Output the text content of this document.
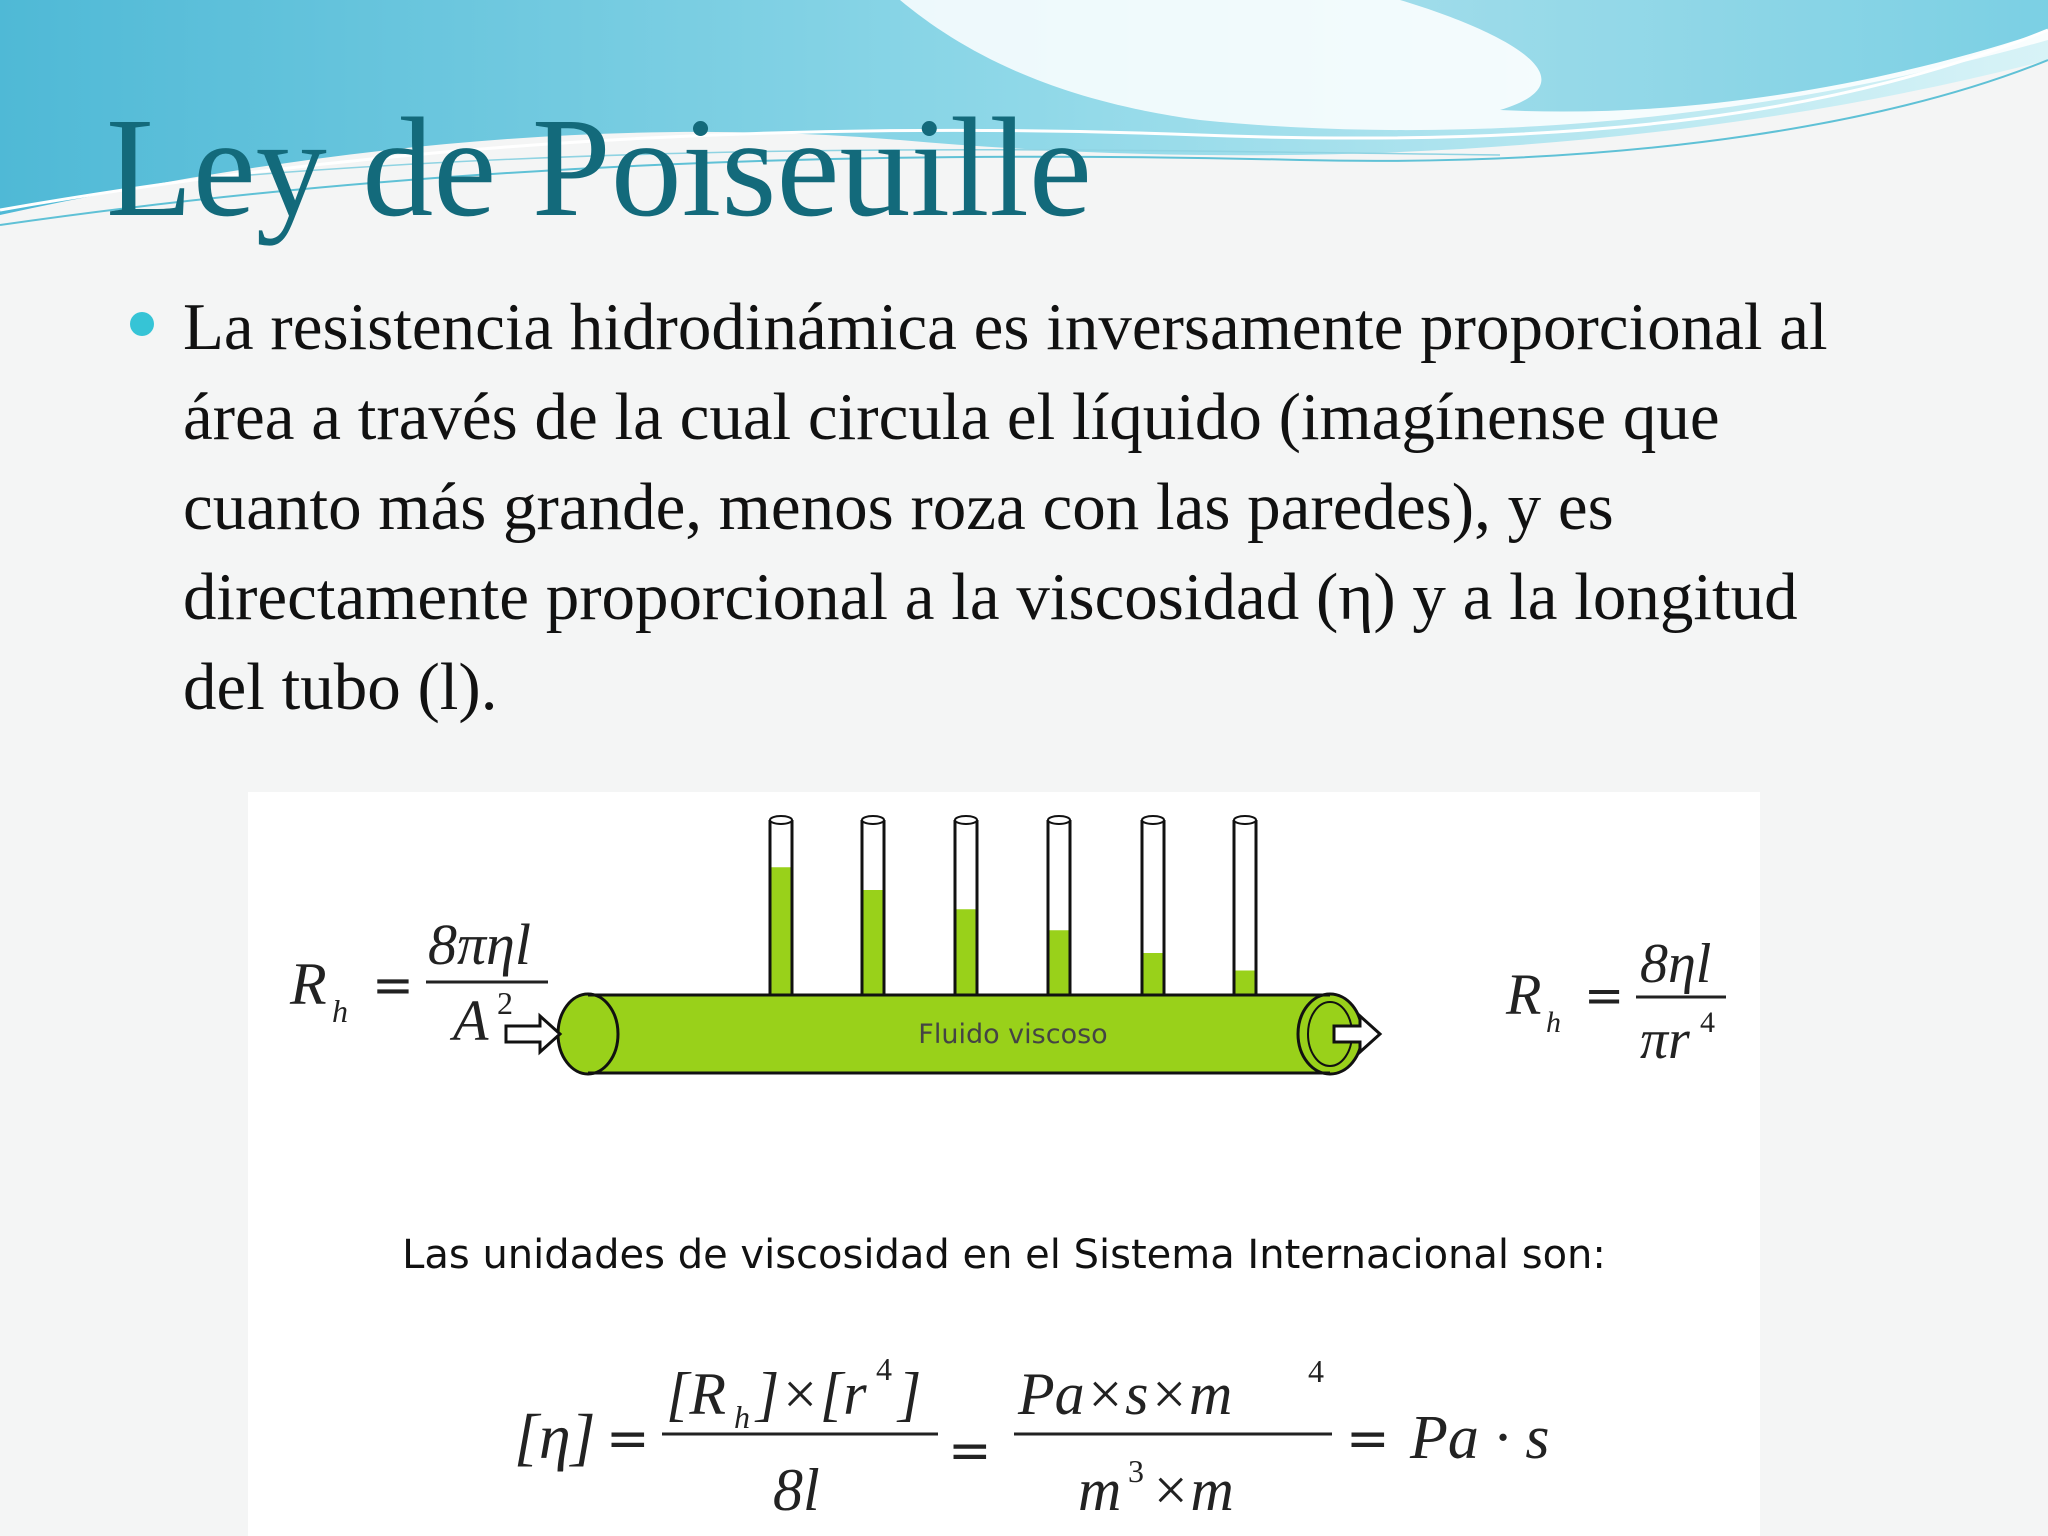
Ley de Poiseuille

La resistencia hidrodinámica es inversamente proporcional al área a través de la cual circula el líquido (imagínense que cuanto más grande, menos roza con las paredes), y es directamente proporcional a la viscosidad (η) y a la longitud del tubo (l).

R h =
8πηl
A 2
Fluido viscoso
R h =
8ηl
πr 4
[η] =
[R h ]×[r 4 ]
8l
=
Pa×s×m 4
m 3 ×m
= Pa · s
Las unidades de viscosidad en el Sistema Internacional son:
